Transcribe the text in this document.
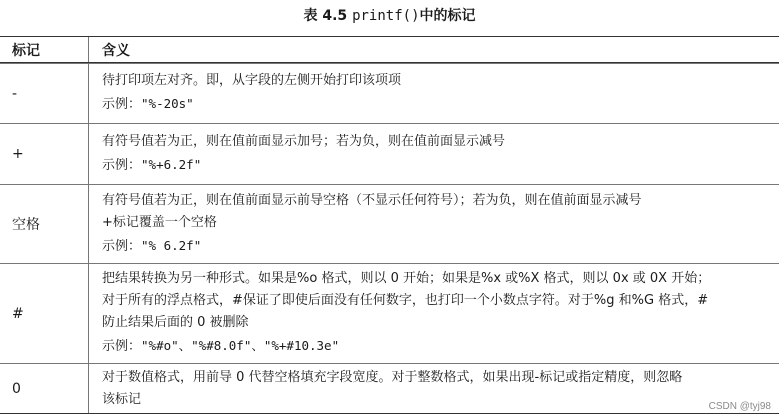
表 4.5 printf()中的标记
标记	含义
-
待打印项左对齐。即，从字段的左侧开始打印该项项
示例："%-20s"
+
有符号值若为正，则在值前面显示加号；若为负，则在值前面显示减号
示例："%+6.2f"
空格
有符号值若为正，则在值前面显示前导空格（不显示任何符号）；若为负，则在值前面显示减号
+标记覆盖一个空格
示例："% 6.2f"
#
把结果转换为另一种形式。如果是%o 格式，则以 0 开始；如果是%x 或%X 格式，则以 0x 或 0X 开始；
对于所有的浮点格式，#保证了即使后面没有任何数字，也打印一个小数点字符。对于%g 和%G 格式，#
防止结果后面的 0 被删除
示例："%#o"、"%#8.0f"、"%+#10.3e"
0
对于数值格式，用前导 0 代替空格填充字段宽度。对于整数格式，如果出现-标记或指定精度，则忽略
该标记	CSDN @tyj98
